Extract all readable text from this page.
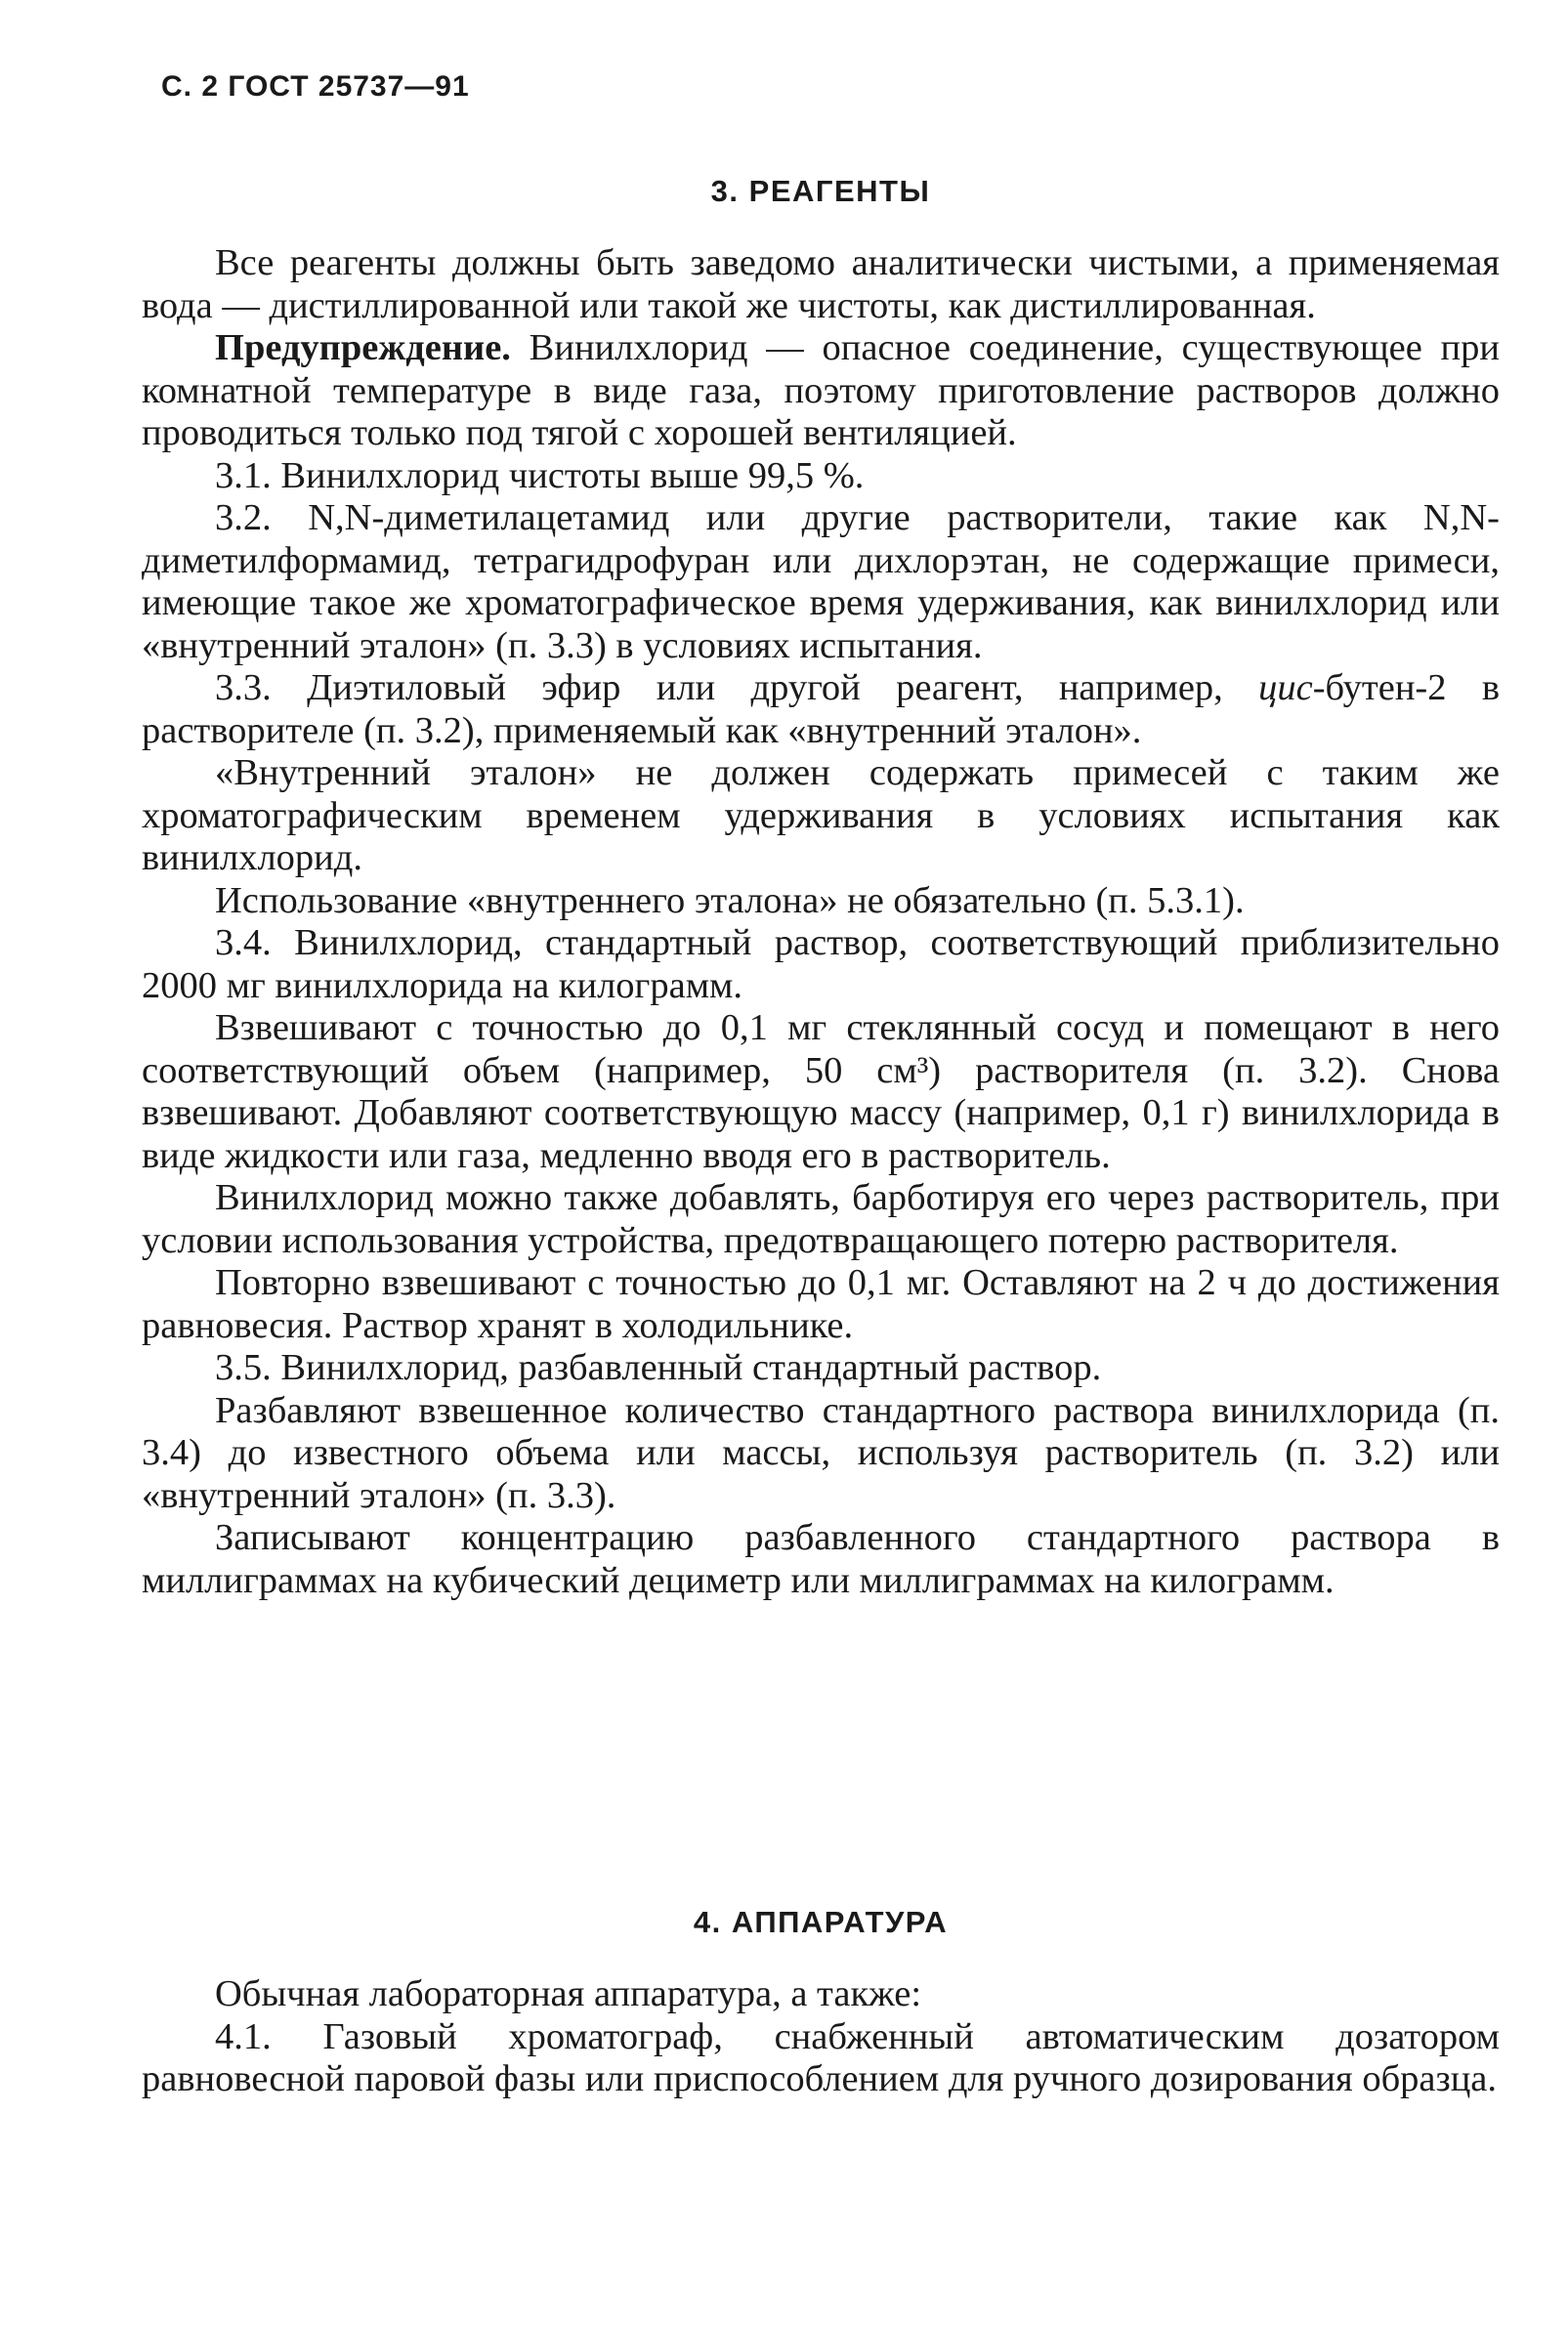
С. 2 ГОСТ 25737—91
3. РЕАГЕНТЫ

Все реагенты должны быть заведомо аналитически чистыми, а применяемая вода — дистиллированной или такой же чистоты, как дистиллированная.

Предупреждение. Винилхлорид — опасное соединение, существующее при комнатной температуре в виде газа, поэтому приготовление растворов должно проводиться только под тягой с хорошей вентиляцией.

3.1. Винилхлорид чистоты выше 99,5 %.

3.2. N,N-диметилацетамид или другие растворители, такие как N,N-диметилформамид, тетрагидрофуран или дихлорэтан, не содержащие примеси, имеющие такое же хроматографическое время удерживания, как винилхлорид или «внутренний эталон» (п. 3.3) в условиях испытания.

3.3. Диэтиловый эфир или другой реагент, например, цис-бутен-2 в растворителе (п. 3.2), применяемый как «внутренний эталон».

«Внутренний эталон» не должен содержать примесей с таким же хроматографическим временем удерживания в условиях испытания как винилхлорид.

Использование «внутреннего эталона» не обязательно (п. 5.3.1).

3.4. Винилхлорид, стандартный раствор, соответствующий приблизительно 2000 мг винилхлорида на килограмм.

Взвешивают с точностью до 0,1 мг стеклянный сосуд и помещают в него соответствующий объем (например, 50 см³) растворителя (п. 3.2). Снова взвешивают. Добавляют соответствующую массу (например, 0,1 г) винилхлорида в виде жидкости или газа, медленно вводя его в растворитель.

Винилхлорид можно также добавлять, барботируя его через растворитель, при условии использования устройства, предотвращающего потерю растворителя.

Повторно взвешивают с точностью до 0,1 мг. Оставляют на 2 ч до достижения равновесия. Раствор хранят в холодильнике.

3.5. Винилхлорид, разбавленный стандартный раствор.

Разбавляют взвешенное количество стандартного раствора винилхлорида (п. 3.4) до известного объема или массы, используя растворитель (п. 3.2) или «внутренний эталон» (п. 3.3).

Записывают концентрацию разбавленного стандартного раствора в миллиграммах на кубический дециметр или миллиграммах на килограмм.

4. АППАРАТУРА

Обычная лабораторная аппаратура, а также:

4.1. Газовый хроматограф, снабженный автоматическим дозатором равновесной паровой фазы или приспособлением для ручного дозирования образца.
